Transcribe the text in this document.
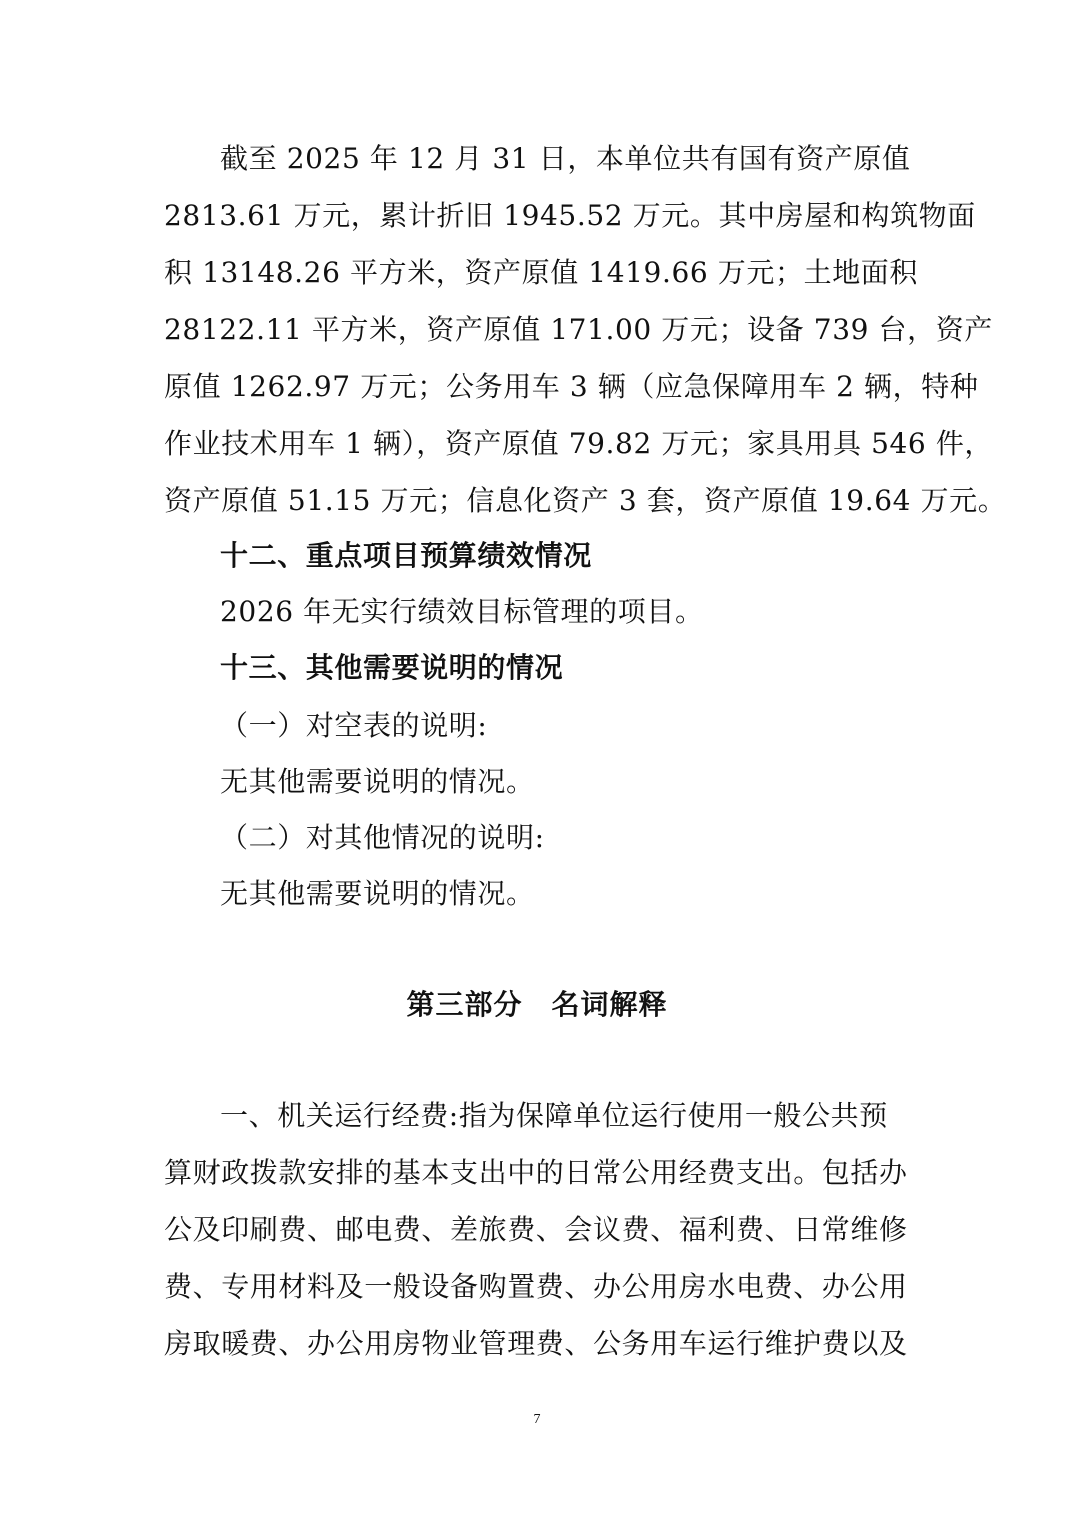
截至 2025 年 12 月 31 日，本单位共有国有资产原值
2813.61 万元，累计折旧 1945.52 万元。其中房屋和构筑物面
积 13148.26 平方米，资产原值 1419.66 万元；土地面积
28122.11 平方米，资产原值 171.00 万元；设备 739 台，资产
原值 1262.97 万元；公务用车 3 辆（应急保障用车 2 辆，特种
作业技术用车 1 辆），资产原值 79.82 万元；家具用具 546 件，
资产原值 51.15 万元；信息化资产 3 套，资产原值 19.64 万元。
十二、重点项目预算绩效情况
2026 年无实行绩效目标管理的项目。
十三、其他需要说明的情况
（一）对空表的说明:
无其他需要说明的情况。
（二）对其他情况的说明:
无其他需要说明的情况。
第三部分　名词解释
一、机关运行经费:指为保障单位运行使用一般公共预
算财政拨款安排的基本支出中的日常公用经费支出。包括办
公及印刷费、邮电费、差旅费、会议费、福利费、日常维修
费、专用材料及一般设备购置费、办公用房水电费、办公用
房取暖费、办公用房物业管理费、公务用车运行维护费以及
7
